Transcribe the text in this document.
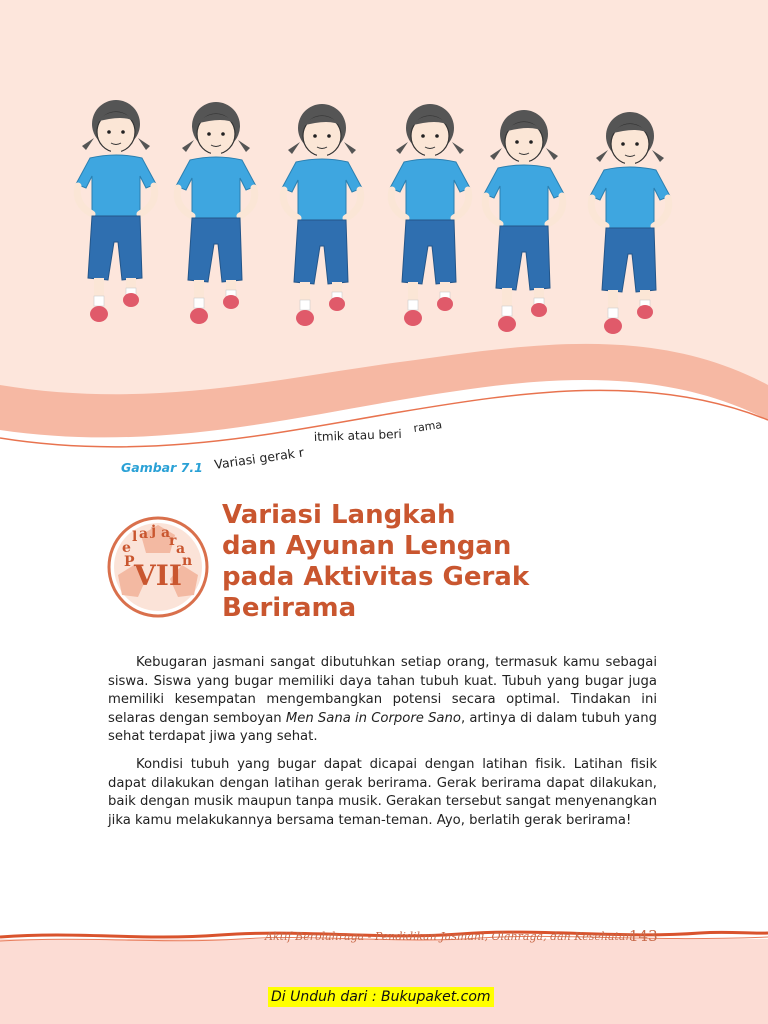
Gambar 7.1 Variasi gerak r
itmik atau beri
rama
P
e
l a j a
r a
n
VII
Variasi Langkah
dan Ayunan Lengan
pada Aktivitas Gerak
Berirama

Kebugaran jasmani sangat dibutuhkan setiap orang, termasuk kamu sebagai siswa. Siswa yang bugar memiliki daya tahan tubuh kuat. Tubuh yang bugar juga memiliki kesempatan mengembangkan potensi secara optimal. Tindakan ini selaras dengan semboyan Men Sana in Corpore Sano, artinya di dalam tubuh yang sehat terdapat jiwa yang sehat.

Kondisi tubuh yang bugar dapat dicapai dengan latihan fisik. Latihan fisik dapat dilakukan dengan latihan gerak berirama. Gerak berirama dapat dilakukan, baik dengan musik maupun tanpa musik. Gerakan tersebut sangat menyenangkan jika kamu melakukannya bersama teman-teman. Ayo, berlatih gerak berirama!

Aktif Berolahraga - Pendidikan Jasmani, Olahraga, dan Kesehatan
143
Di Unduh dari : Bukupaket.com
